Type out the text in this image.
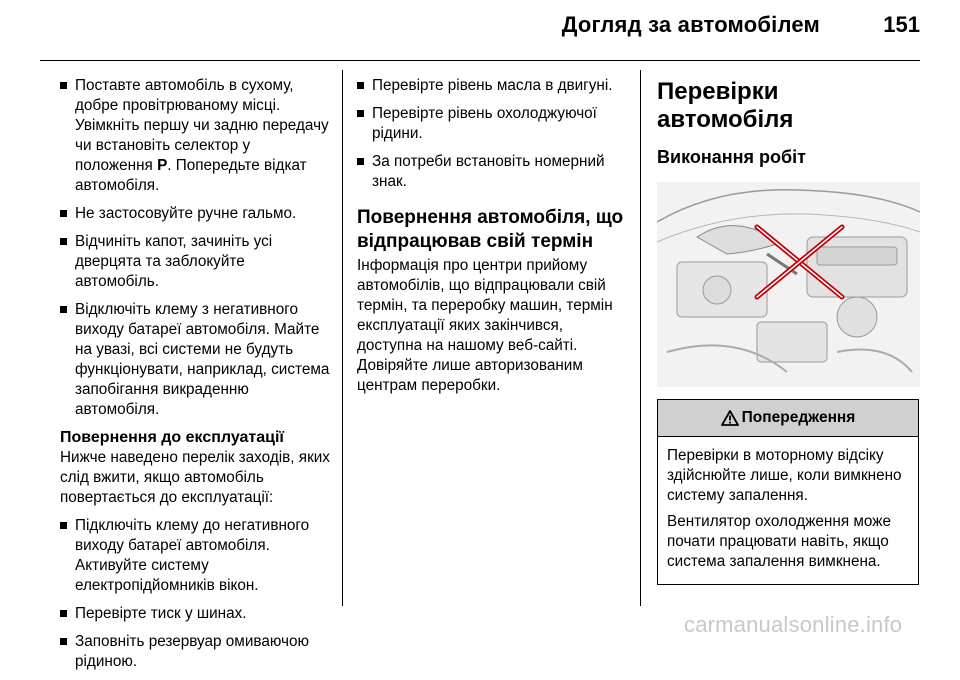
Догляд за автомобілем	151
Поставте автомобіль в сухому, добре провітрюваному місці. Увімкніть першу чи задню передачу чи встановіть селектор у положення P. Попередьте відкат автомобіля.
Не застосовуйте ручне гальмо.
Відчиніть капот, зачиніть усі дверцята та заблокуйте автомобіль.
Відключіть клему з негативного виходу батареї автомобіля. Майте на увазі, всі системи не будуть функціонувати, наприклад, система запобігання викраденню автомобіля.
Повернення до експлуатації

Нижче наведено перелік заходів, яких слід вжити, якщо автомобіль повертається до експлуатації:

Підключіть клему до негативного виходу батареї автомобіля. Активуйте систему електропідйомників вікон.
Перевірте тиск у шинах.
Заповніть резервуар омиваючою рідиною.
Перевірте рівень масла в двигуні.
Перевірте рівень охолоджуючої рідини.
За потреби встановіть номерний знак.
Повернення автомобіля, що відпрацював свій термін

Інформація про центри прийому автомобілів, що відпрацювали свій термін, та переробку машин, термін експлуатації яких закінчився, доступна на нашому веб-сайті. Довіряйте лише авторизованим центрам переробки.

Перевірки автомобіля
Виконання робіт
Попередження

Перевірки в моторному відсіку здійснюйте лише, коли вимкнено систему запалення.

Вентилятор охолодження може почати працювати навіть, якщо система запалення вимкнена.

carmanualsonline.info
